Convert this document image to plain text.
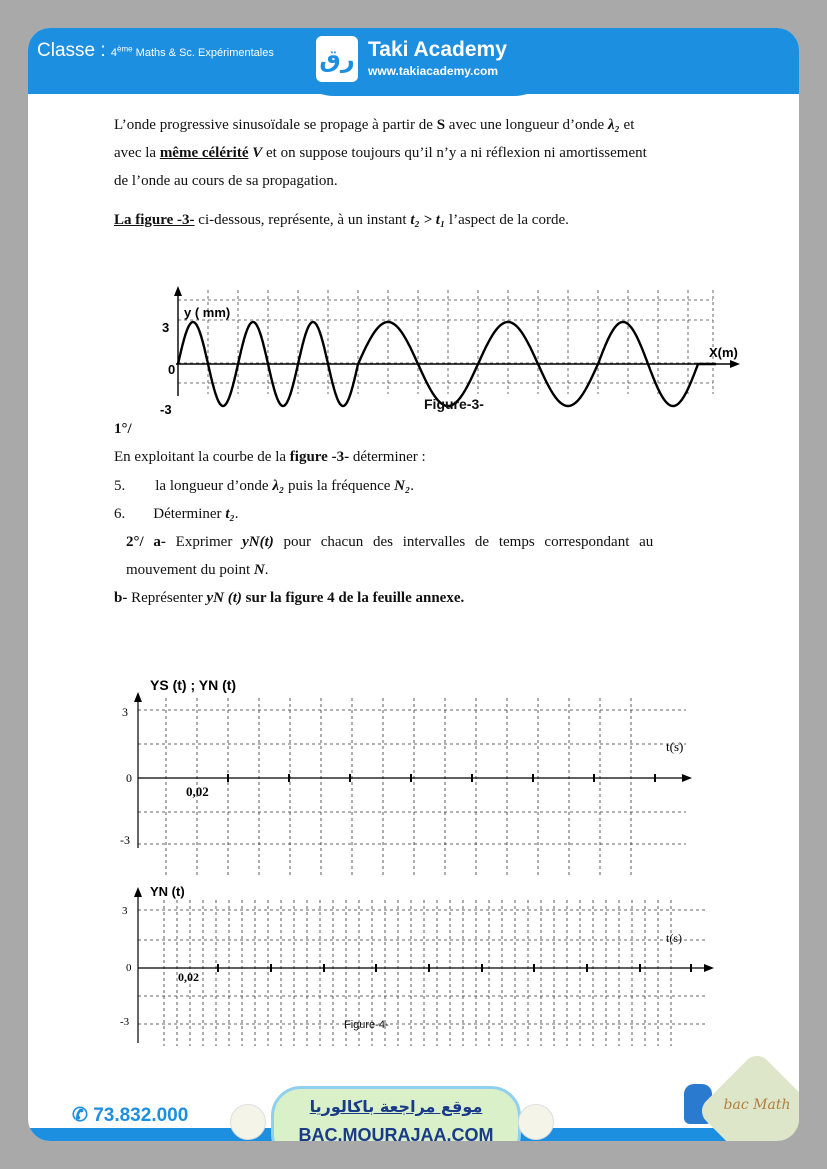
Classe : 4ème Maths & Sc. Expérimentales رق Taki Academy
www.takiacademy.com
L’onde progressive sinusoïdale se propage à partir de S avec une longueur d’onde λ₂ et
avec la même célérité V et on suppose toujours qu’il n’y a ni réflexion ni amortissement
de l’onde au cours de sa propagation.
La figure -3- ci-dessous, représente, à un instant t₂ > t₁ l’aspect de la corde.
y ( mm)
X(m)
3
0
-3	Figure-3-
1°/
En exploitant la courbe de la figure -3- déterminer :
5. la longueur d’onde λ₂ puis la fréquence N₂.
6. Déterminer t₂.
2°/ a- Exprimer yN(t) pour chacun des intervalles de temps correspondant au
mouvement du point N.
b- Représenter yN (t) sur la figure 4 de la feuille annexe.
YS (t) ; YN (t)
3
0
-3
t(s)
0,02
YN (t)
3
0
-3
t(s)
0,02
Figure-4-
✆ 73.832.000	موقع مراجعة باكالوريا
BAC.MOURAJAA.COM
bac Math
